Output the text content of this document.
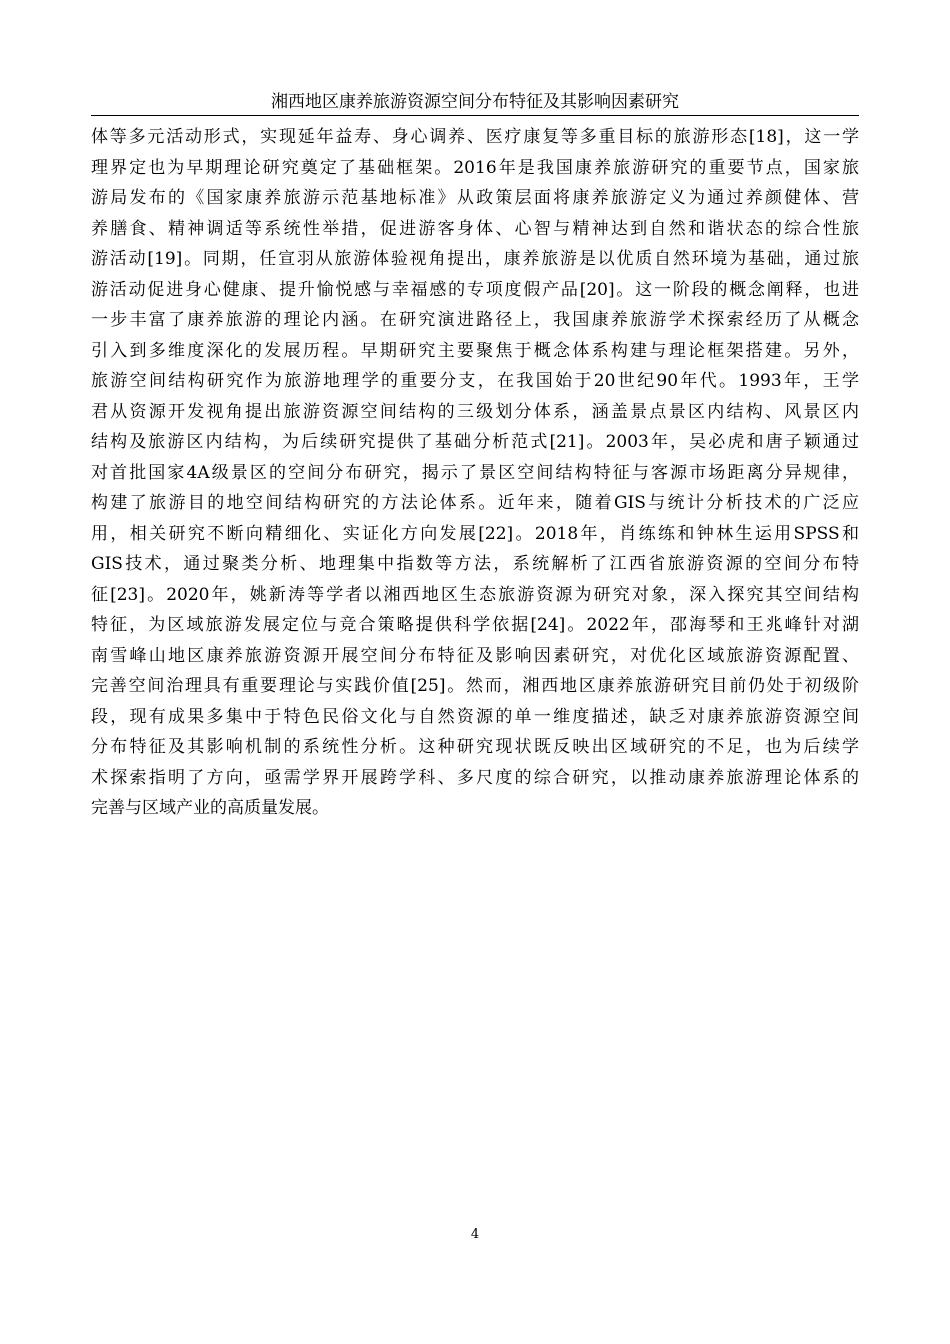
湘西地区康养旅游资源空间分布特征及其影响因素研究
体等多元活动形式，实现延年益寿、身心调养、医疗康复等多重目标的旅游形态[18]，这一学
理界定也为早期理论研究奠定了基础框架。2016年是我国康养旅游研究的重要节点，国家旅
游局发布的《国家康养旅游示范基地标准》从政策层面将康养旅游定义为通过养颜健体、营
养膳食、精神调适等系统性举措，促进游客身体、心智与精神达到自然和谐状态的综合性旅
游活动[19]。同期，任宣羽从旅游体验视角提出，康养旅游是以优质自然环境为基础，通过旅
游活动促进身心健康、提升愉悦感与幸福感的专项度假产品[20]。这一阶段的概念阐释，也进
一步丰富了康养旅游的理论内涵。在研究演进路径上，我国康养旅游学术探索经历了从概念
引入到多维度深化的发展历程。早期研究主要聚焦于概念体系构建与理论框架搭建。另外，
旅游空间结构研究作为旅游地理学的重要分支，在我国始于20世纪90年代。1993年，王学
君从资源开发视角提出旅游资源空间结构的三级划分体系，涵盖景点景区内结构、风景区内
结构及旅游区内结构，为后续研究提供了基础分析范式[21]。2003年，吴必虎和唐子颖通过
对首批国家4A级景区的空间分布研究，揭示了景区空间结构特征与客源市场距离分异规律，
构建了旅游目的地空间结构研究的方法论体系。近年来，随着GIS与统计分析技术的广泛应
用，相关研究不断向精细化、实证化方向发展[22]。2018年，肖练练和钟林生运用SPSS和
GIS技术，通过聚类分析、地理集中指数等方法，系统解析了江西省旅游资源的空间分布特
征[23]。2020年，姚新涛等学者以湘西地区生态旅游资源为研究对象，深入探究其空间结构
特征，为区域旅游发展定位与竞合策略提供科学依据[24]。2022年，邵海琴和王兆峰针对湖
南雪峰山地区康养旅游资源开展空间分布特征及影响因素研究，对优化区域旅游资源配置、
完善空间治理具有重要理论与实践价值[25]。然而，湘西地区康养旅游研究目前仍处于初级阶
段，现有成果多集中于特色民俗文化与自然资源的单一维度描述，缺乏对康养旅游资源空间
分布特征及其影响机制的系统性分析。这种研究现状既反映出区域研究的不足，也为后续学
术探索指明了方向，亟需学界开展跨学科、多尺度的综合研究，以推动康养旅游理论体系的
完善与区域产业的高质量发展。
4
